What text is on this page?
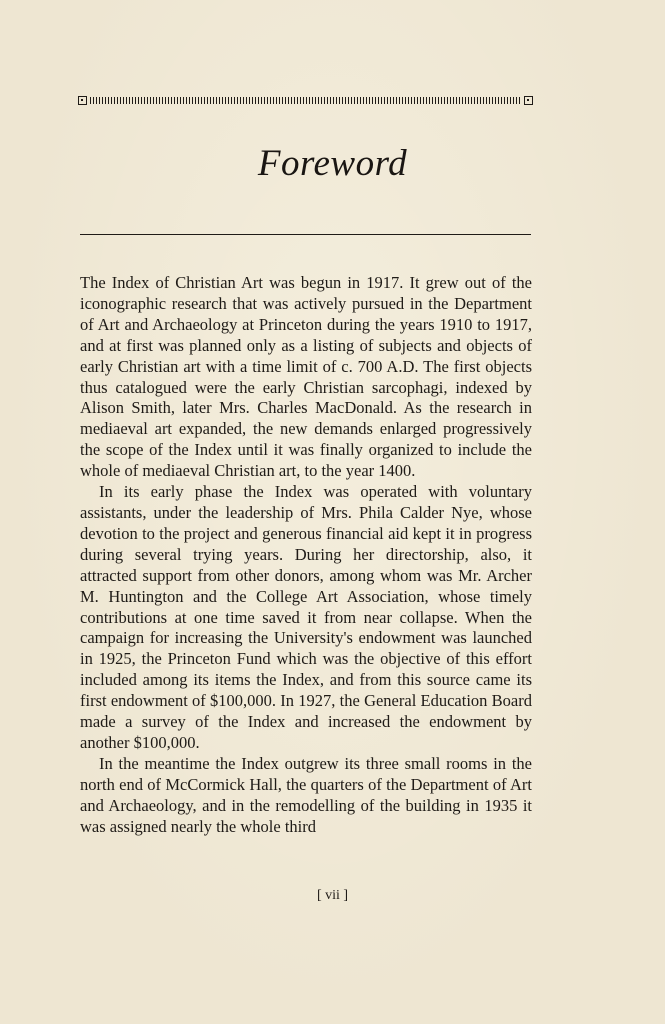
Foreword

The Index of Christian Art was begun in 1917. It grew out of the iconographic research that was actively pursued in the Department of Art and Archaeology at Princeton during the years 1910 to 1917, and at first was planned only as a listing of subjects and objects of early Christian art with a time limit of c. 700 A.D. The first objects thus catalogued were the early Christian sarcophagi, indexed by Alison Smith, later Mrs. Charles MacDonald. As the research in mediaeval art expanded, the new demands enlarged progressively the scope of the Index until it was finally organized to include the whole of mediaeval Christian art, to the year 1400.

In its early phase the Index was operated with voluntary assistants, under the leadership of Mrs. Phila Calder Nye, whose devotion to the project and generous financial aid kept it in progress during several trying years. During her directorship, also, it attracted support from other donors, among whom was Mr. Archer M. Huntington and the College Art Association, whose timely contributions at one time saved it from near collapse. When the campaign for increasing the University's endowment was launched in 1925, the Princeton Fund which was the objective of this effort included among its items the Index, and from this source came its first endowment of $100,000. In 1927, the General Education Board made a survey of the Index and increased the endowment by another $100,000.

In the meantime the Index outgrew its three small rooms in the north end of McCormick Hall, the quarters of the Department of Art and Archaeology, and in the remodelling of the building in 1935 it was assigned nearly the whole third

[ vii ]
